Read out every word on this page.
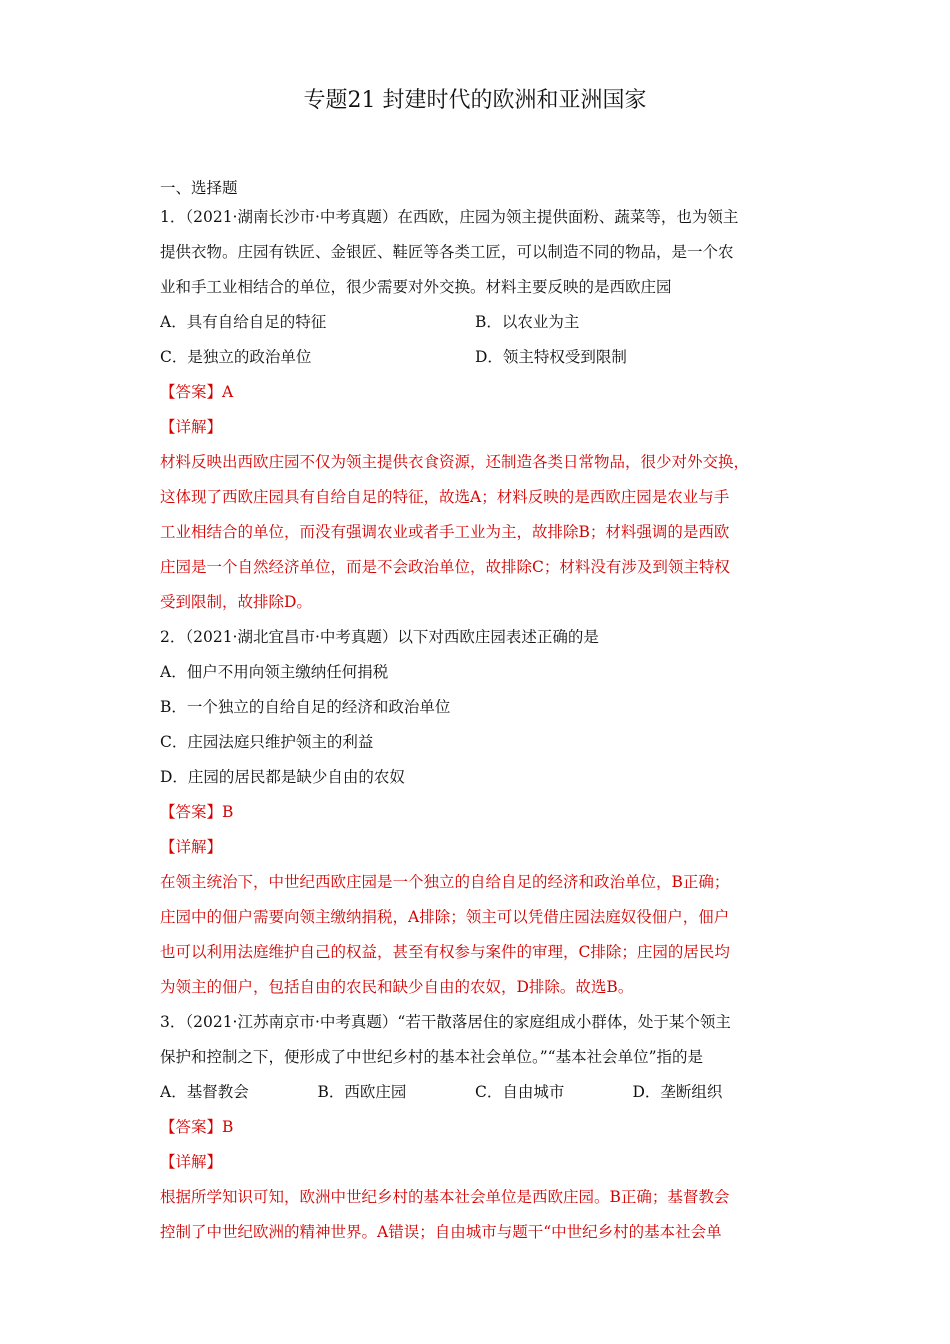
专题21 封建时代的欧洲和亚洲国家
一、选择题
1．（2021·湖南长沙市·中考真题）在西欧，庄园为领主提供面粉、蔬菜等，也为领主
提供衣物。庄园有铁匠、金银匠、鞋匠等各类工匠，可以制造不同的物品，是一个农
业和手工业相结合的单位，很少需要对外交换。材料主要反映的是西欧庄园
A．具有自给自足的特征	B．以农业为主
C．是独立的政治单位	D．领主特权受到限制
【答案】A
【详解】
材料反映出西欧庄园不仅为领主提供衣食资源，还制造各类日常物品，很少对外交换，
这体现了西欧庄园具有自给自足的特征，故选A；材料反映的是西欧庄园是农业与手
工业相结合的单位，而没有强调农业或者手工业为主，故排除B；材料强调的是西欧
庄园是一个自然经济单位，而是不会政治单位，故排除C；材料没有涉及到领主特权
受到限制，故排除D。
2．（2021·湖北宜昌市·中考真题）以下对西欧庄园表述正确的是
A．佃户不用向领主缴纳任何捐税
B．一个独立的自给自足的经济和政治单位
C．庄园法庭只维护领主的利益
D．庄园的居民都是缺少自由的农奴
【答案】B
【详解】
在领主统治下，中世纪西欧庄园是一个独立的自给自足的经济和政治单位，B正确；
庄园中的佃户需要向领主缴纳捐税，A排除；领主可以凭借庄园法庭奴役佃户，佃户
也可以利用法庭维护自己的权益，甚至有权参与案件的审理，C排除；庄园的居民均
为领主的佃户，包括自由的农民和缺少自由的农奴，D排除。故选B。
3．（2021·江苏南京市·中考真题）“若干散落居住的家庭组成小群体，处于某个领主
保护和控制之下，便形成了中世纪乡村的基本社会单位。”“基本社会单位”指的是
A．基督教会	B．西欧庄园	C．自由城市	D．垄断组织
【答案】B
【详解】
根据所学知识可知，欧洲中世纪乡村的基本社会单位是西欧庄园。B正确；基督教会
控制了中世纪欧洲的精神世界。A错误；自由城市与题干“中世纪乡村的基本社会单
